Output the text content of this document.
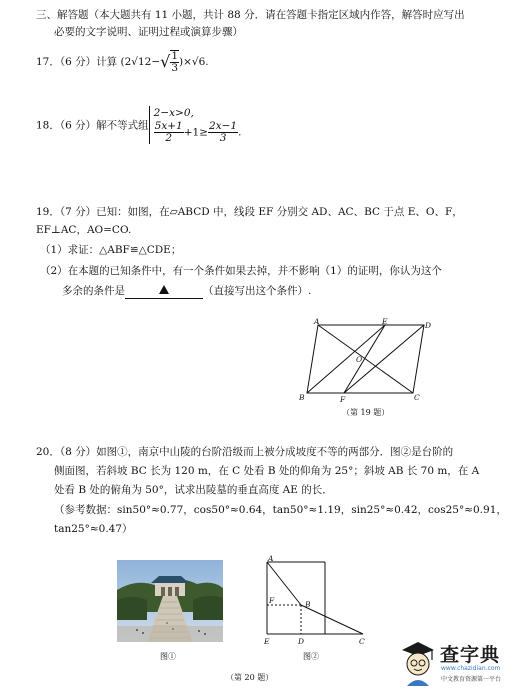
三、解答题（本大题共有 11 小题，共计 88 分．请在答题卡指定区域内作答，解答时应写出
必要的文字说明、证明过程或演算步骤）
17．（6 分）计算 $(2√12-√ \frac{1}{3} )\times√6$.
18．（6 分）解不等式组
2−x>0,
$\frac{5x+1}{2} +1\ge \frac{2x-1}{3}$ .
19．（7 分）已知：如图，在▱ABCD 中，线段 EF 分别交 AD、AC、BC 于点 E、O、F，
EF⊥AC，AO=CO.
（1）求证：△ABF≌△CDE；
（2）在本题的已知条件中，有一个条件如果去掉，并不影响（1）的证明，你认为这个
多余的条件是	（直接写出这个条件）.
A	E	D
O
B	F	C
（第 19 题）
20．（8 分）如图①，南京中山陵的台阶沿级而上被分成坡度不等的两部分．图②是台阶的
侧面图，若斜坡 BC 长为 120 m，在 C 处看 B 处的仰角为 25°；斜坡 AB 长 70 m，在 A
处看 B 处的俯角为 50°，试求出陵墓的垂直高度 AE 的长．
（参考数据：sin50°≈0.77，cos50°≈0.64，tan50°≈1.19，sin25°≈0.42，cos25°≈0.91，
tan25°≈0.47）
图①
A
F	B
E	D	C
图②
（第 20 题）
查字典
www.chazidian.com
中文教育资源第一平台
